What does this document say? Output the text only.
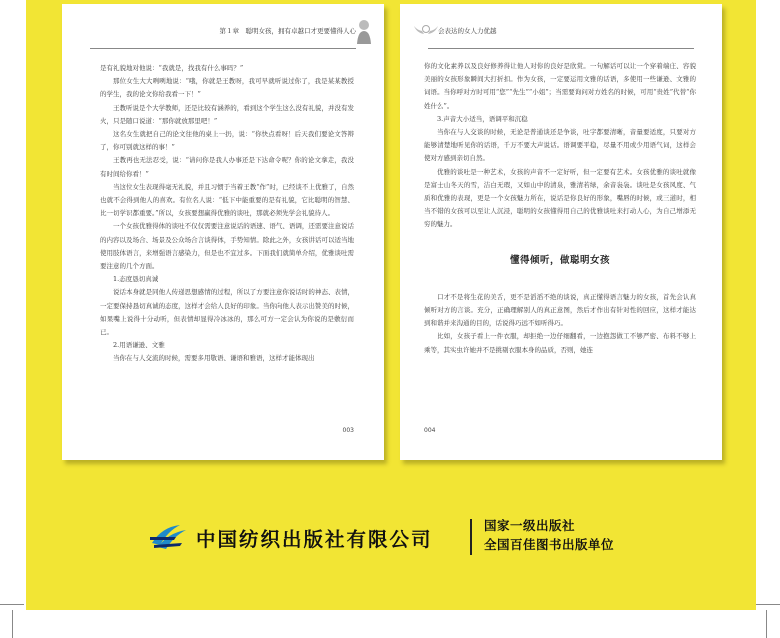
第１章　聪明女孩，拥有卓越口才更要懂得人心

是有礼貌地对他说：“我就是，找我有什么事吗？”

那位女生大大咧咧地说：“哦，你就是王教呀，我可早就听说过你了，我是某某教授的学生，我的论文你给我看一下！”

王教听说是个大学教师，还是比较有涵养的，看到这个学生这么没有礼貌，并没有发火，只是随口说道：“那你就放那里吧！”

这名女生就把自己的论文往他的桌上一扔，说：“你快点看呀！后天我们要论文答辩了，你可别就这样的事！”

王教再也无法忍受，说：“请问你是我人办事还是下达命令呢？你的论文拿走，我没有时间给你看！”

当这位女生表现得毫无礼貌，并且习惯于当着王教“作”时，已经谈不上优雅了，自然也就不会得到他人的喜欢。有位名人说：“低下中能重要的是有礼貌，它比聪明的智慧、比一切学识都重要。”所以，女孩要想赢得优雅的谈吐，那就必须先学会礼貌待人。

一个女孩优雅得体的谈吐不仅仅需要注意说话的语速、语气、语调，还需要注意说话的内容以及场合、场景及公众场合言谈得体，手势知情。除此之外，女孩讲话可以适当地使用肢体语言，来增强语言感染力，但是也不宜过多。下面我们就简单介绍，优雅谈吐需要注意的几个方面。

1.态度恳切真诚

说话本身就是同他人传递思想感情的过程，所以了方要注意你说话时的神态、表情，一定要保持恳切真诚的态度，这样才会给人良好的印象。当你向他人表示出赞美的时候，如果嘴上说得十分动听，但表情却显得冷冰冰的，那么可方一定会认为你说的是敷衍而已。

2.用语谦逊、文雅

当你在与人交流的时候，需要多用敬语、谦语和雅语，这样才能体现出

003
会表达的女人力优越

你的文化素养以及良好修养得让他人对你的良好是欣赏。一句解话可以让一个穿着端庄、容貌美丽的女孩形象瞬间大打折扣。作为女孩，一定要运用文雅的话语，多使用一些谦逊、文雅的词语。当你呼对方时可用“您”“先生”“小姐”；当需要询问对方姓名的时候，可用“贵姓”代替“你姓什么”。

3.声音大小适当，语调平和沉稳

当你在与人交谈的时候，无论是普通谈还是争谈，吐字都要清晰，音量要适度，只要对方能够清楚地听见你的话语，千万不要大声说话。语调要平稳，尽量不用或少用语气词，这样会使对方感到亲切自然。

优雅的谈吐是一种艺术，女孩的声音不一定好听，但一定要有艺术。女孩优雅的谈吐就像是富士山冬天的雪，洁白无瑕，又如山中的清泉，雅清若绿，余音袅袅。谈吐是女孩风度、气质和优雅的表现，更是一个女孩魅力所在，说话是你良好的形象，嘴唇的时候，或三道时，相当不错的女孩可以至让人沉浸，聪明的女孩懂得用自己的优雅谈吐来打动人心，为自己增添无穷的魅力。

懂得倾听，做聪明女孩

口才不是将生花的美舌，更不是滔滔不绝的谈说，真正懂得语言魅力的女孩，首先会认真倾听对方的言谈。充分，正确理解别人的真正意图，然后才作出有针对性的回应，这样才能达到和谐并来沟通的目的，话说得巧远不如听得巧。

比如，女孩子看上一件衣服，却拒绝一边仔细翻看，一边抱怨做工不够严密、布料不够上乘等，其实虫许她并不是挑剔衣服本身的品质，否则，她连

004
中国纺织出版社有限公司
国家一级出版社
全国百佳图书出版单位
